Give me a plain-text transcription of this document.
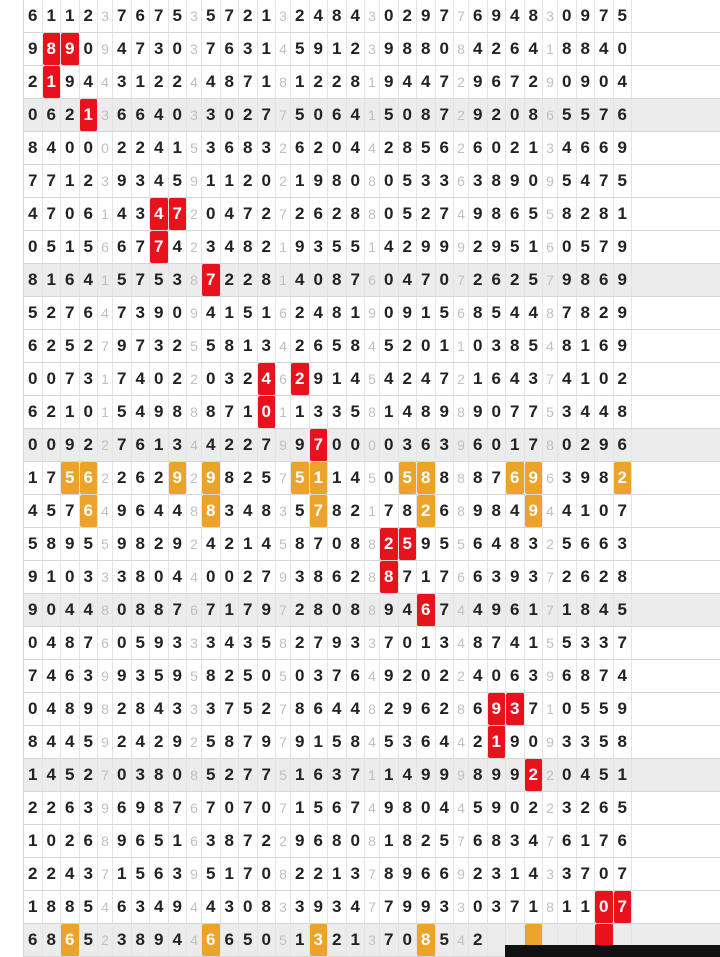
6 1 1 2 3 7 6 7 5 3 5 7 2 1 3 2 4 8 4 3 0 2 9 7 7 6 9 4 8 3 0 9 7 5
9 8 9 0 9 4 7 3 0 3 7 6 3 1 4 5 9 1 2 3 9 8 8 0 8 4 2 6 4 1 8 8 4 0
2 1 9 4 4 3 1 2 2 4 4 8 7 1 8 1 2 2 8 1 9 4 4 7 2 9 6 7 2 9 0 9 0 4
0 6 2 1 3 6 6 4 0 3 3 0 2 7 7 5 0 6 4 1 5 0 8 7 2 9 2 0 8 6 5 5 7 6
8 4 0 0 0 2 2 4 1 5 3 6 8 3 2 6 2 0 4 4 2 8 5 6 2 6 0 2 1 3 4 6 6 9
7 7 1 2 3 9 3 4 5 9 1 1 2 0 2 1 9 8 0 8 0 5 3 3 6 3 8 9 0 9 5 4 7 5
4 7 0 6 1 4 3 4 7 2 0 4 7 2 7 2 6 2 8 8 0 5 2 7 4 9 8 6 5 5 8 2 8 1
0 5 1 5 6 6 7 7 4 2 3 4 8 2 1 9 3 5 5 1 4 2 9 9 9 2 9 5 1 6 0 5 7 9
8 1 6 4 1 5 7 5 3 8 7 2 2 8 1 4 0 8 7 6 0 4 7 0 7 2 6 2 5 7 9 8 6 9
5 2 7 6 4 7 3 9 0 9 4 1 5 1 6 2 4 8 1 9 0 9 1 5 6 8 5 4 4 8 7 8 2 9
6 2 5 2 7 9 7 3 2 5 5 8 1 3 4 2 6 5 8 4 5 2 0 1 1 0 3 8 5 4 8 1 6 9
0 0 7 3 1 7 4 0 2 2 0 3 2 4 6 2 9 1 4 5 4 2 4 7 2 1 6 4 3 7 4 1 0 2
6 2 1 0 1 5 4 9 8 8 8 7 1 0 1 1 3 3 5 8 1 4 8 9 8 9 0 7 7 5 3 4 4 8
0 0 9 2 2 7 6 1 3 4 4 2 2 7 9 9 7 0 0 0 0 3 6 3 9 6 0 1 7 8 0 2 9 6
1 7 5 6 2 2 6 2 9 2 9 8 2 5 7 5 1 1 4 5 0 5 8 8 8 8 7 6 9 6 3 9 8 2
4 5 7 6 4 9 6 4 4 8 8 3 4 8 3 5 7 8 2 1 7 8 2 6 8 9 8 4 9 4 4 1 0 7
5 8 9 5 5 9 8 2 9 2 4 2 1 4 5 8 7 0 8 8 2 5 9 5 5 6 4 8 3 2 5 6 6 3
9 1 0 3 3 3 8 0 4 4 0 0 2 7 9 3 8 6 2 8 8 7 1 7 6 6 3 9 3 7 2 6 2 8
9 0 4 4 8 0 8 8 7 6 7 1 7 9 7 2 8 0 8 8 9 4 6 7 4 4 9 6 1 7 1 8 4 5
0 4 8 7 6 0 5 9 3 3 3 4 3 5 8 2 7 9 3 3 7 0 1 3 4 8 7 4 1 5 5 3 3 7
7 4 6 3 9 9 3 5 9 5 8 2 5 0 5 0 3 7 6 4 9 2 0 2 2 4 0 6 3 9 6 8 7 4
0 4 8 9 8 2 8 4 3 3 3 7 5 2 7 8 6 4 4 8 2 9 6 2 8 6 9 3 7 1 0 5 5 9
8 4 4 5 9 2 4 2 9 2 5 8 7 9 7 9 1 5 8 4 5 3 6 4 4 2 1 9 0 9 3 3 5 8
1 4 5 2 7 0 3 8 0 8 5 2 7 7 5 1 6 3 7 1 1 4 9 9 9 8 9 9 2 2 0 4 5 1
2 2 6 3 9 6 9 8 7 6 7 0 7 0 7 1 5 6 7 4 9 8 0 4 4 5 9 0 2 2 3 2 6 5
1 0 2 6 8 9 6 5 1 6 3 8 7 2 2 9 6 8 0 8 1 8 2 5 7 6 8 3 4 7 6 1 7 6
2 2 4 3 7 1 5 6 3 9 5 1 7 0 8 2 2 1 3 7 8 9 6 6 9 2 3 1 4 3 3 7 0 7
1 8 8 5 4 6 3 4 9 4 4 3 0 8 3 3 9 3 4 7 7 9 9 3 3 0 3 7 1 8 1 1 0 7
6 8 6 5 2 3 8 9 4 4 6 6 5 0 5 1 3 2 1 3 7 0 8 5 4 2
